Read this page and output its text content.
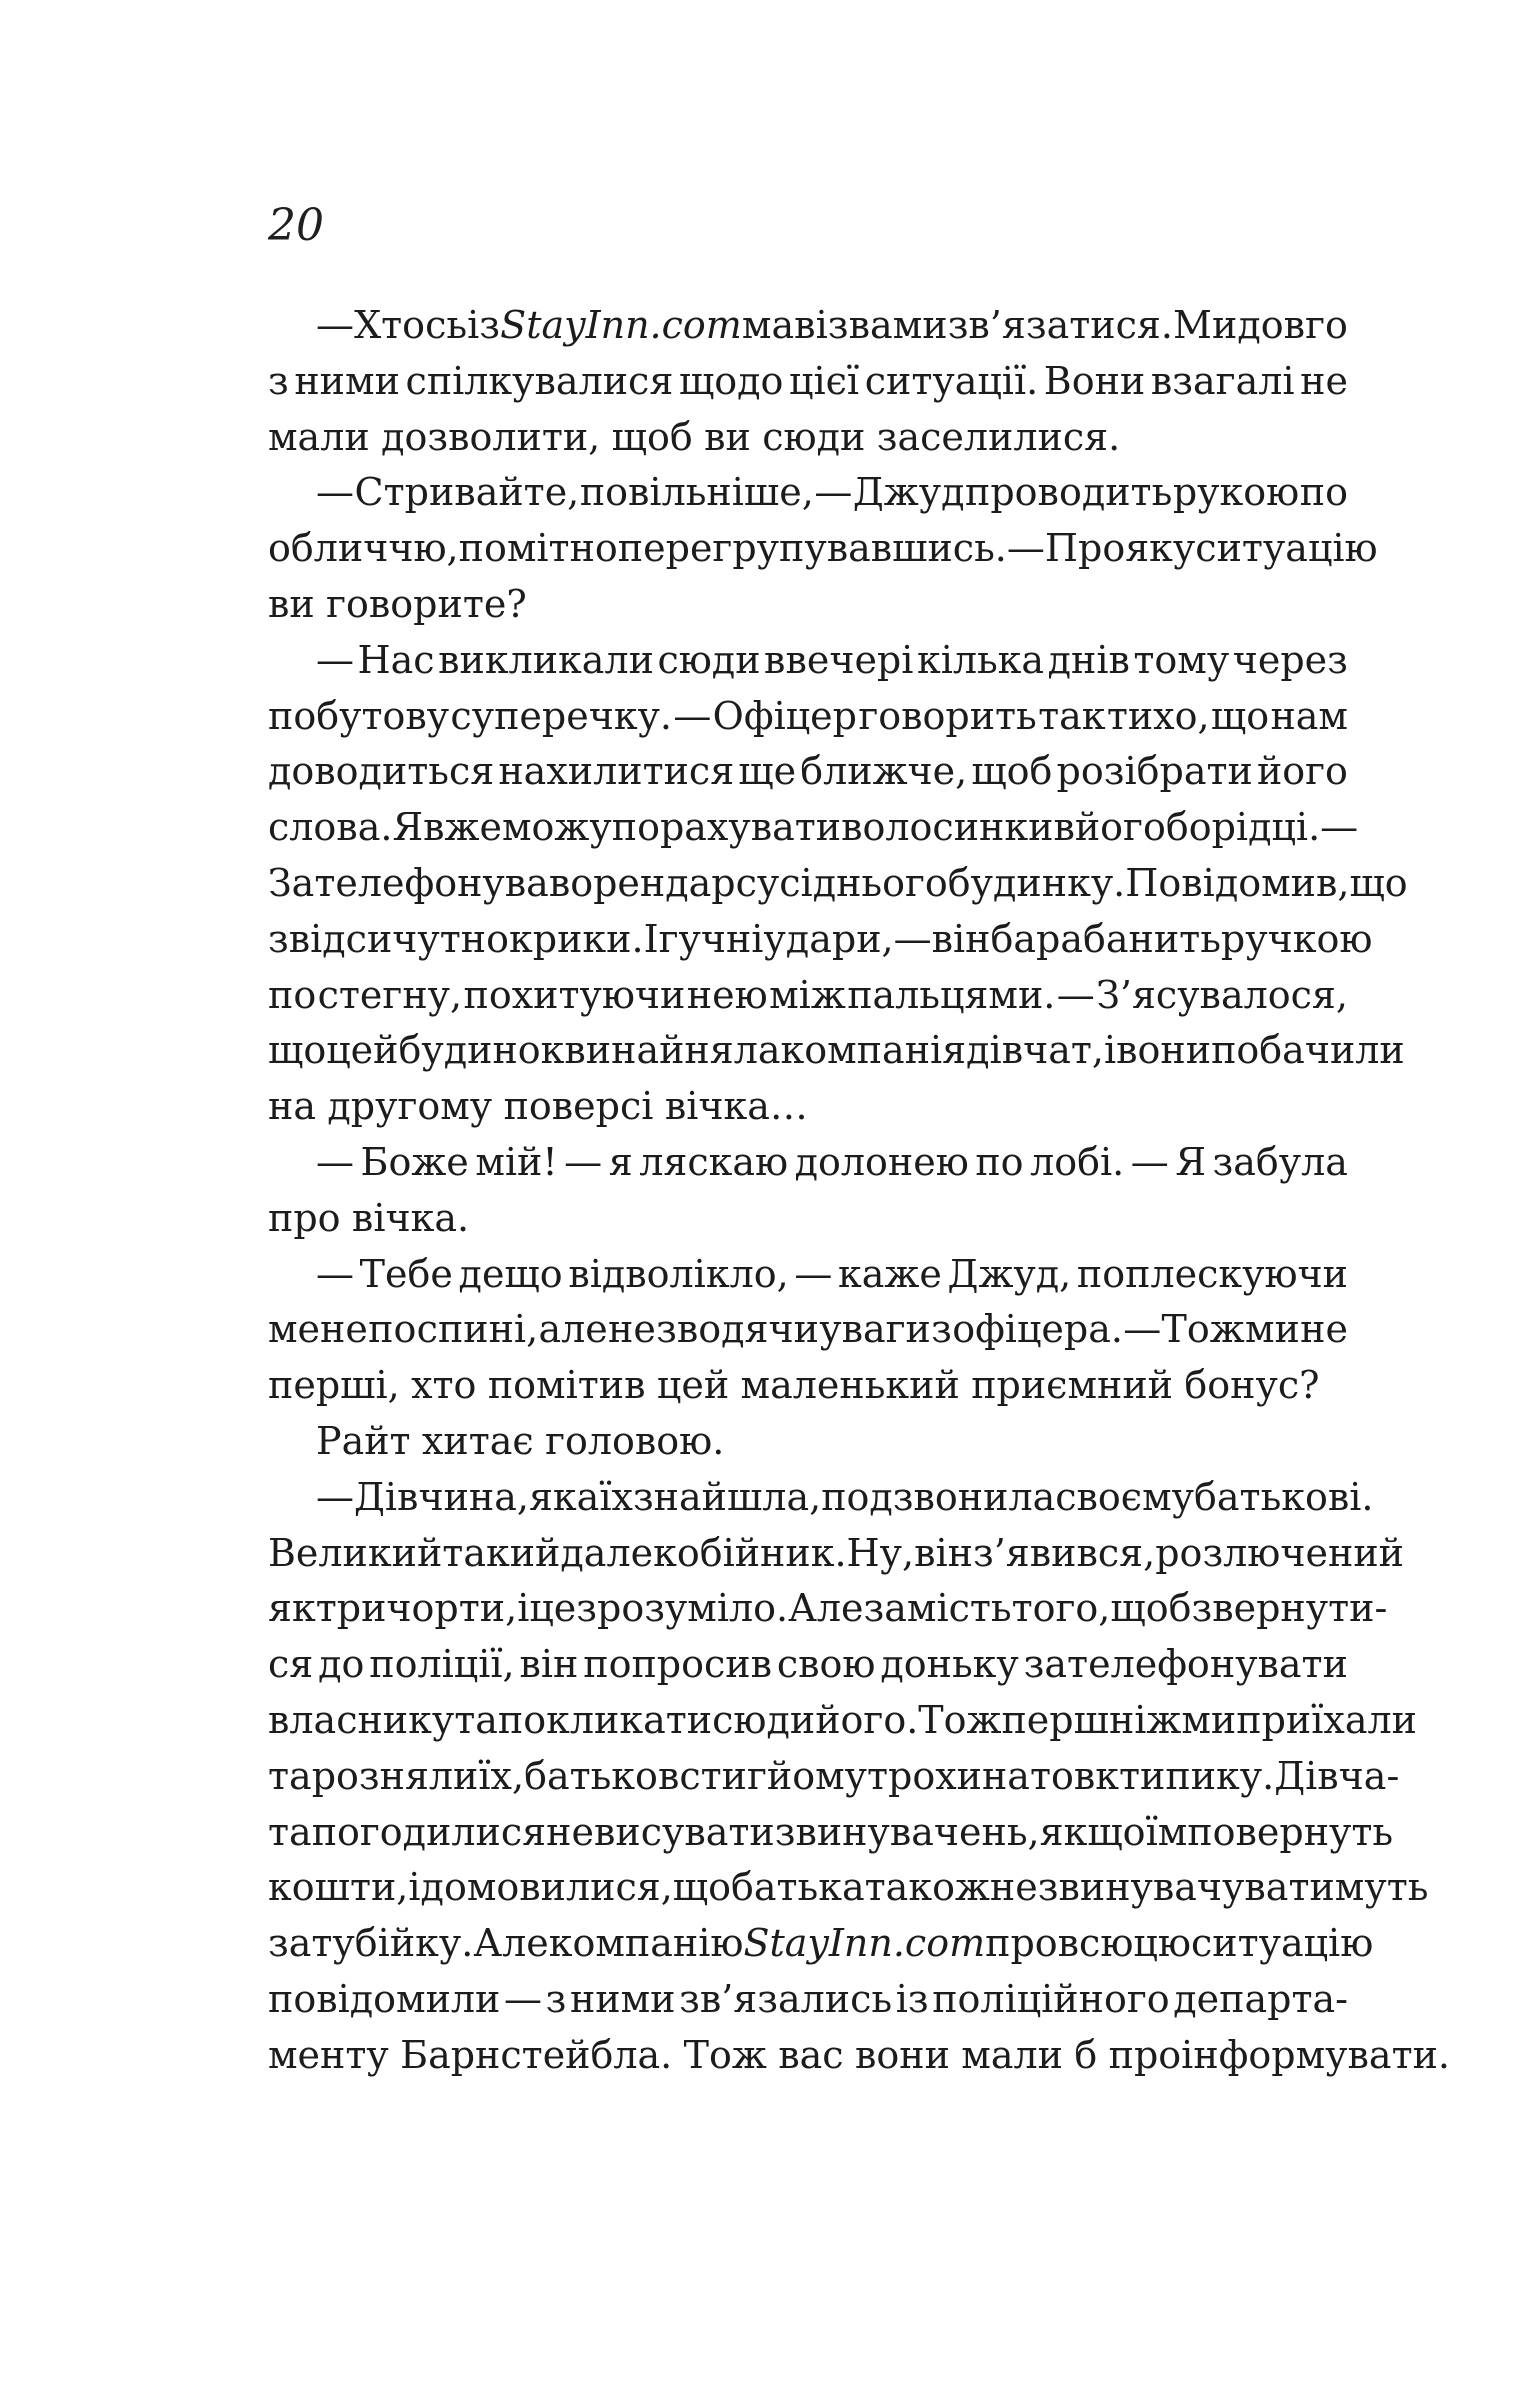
20
— Хтось із StayInn.com мав із вами зв’язатися. Ми довго
з ними спілкувалися щодо цієї ситуації. Вони взагалі не
мали дозволити, щоб ви сюди заселилися.
— Стривайте, повільніше, — Джуд проводить рукою по
обличчю, помітно перегрупувавшись. — Про яку ситуацію
ви говорите?
— Нас викликали сюди ввечері кілька днів тому через
побутову суперечку. — Офіцер говорить так тихо, що нам
доводиться нахилитися ще ближче, щоб розібрати його
слова. Я вже можу порахувати волосинки в його борідці. —
Зателефонував орендар сусіднього будинку. Повідомив, що
звідси чутно крики. І гучні удари, — він барабанить ручкою
по стегну, похитуючи нею між пальцями. — З’ясувалося,
що цей будинок винайняла компанія дівчат, і вони побачили
на другому поверсі вічка…
— Боже мій! — я ляскаю долонею по лобі. — Я забула
про вічка.
— Тебе дещо відволікло, — каже Джуд, поплескуючи
мене по спині, але не зводячи уваги з офіцера. — Тож ми не
перші, хто помітив цей маленький приємний бонус?
Райт хитає головою.
— Дівчина, яка їх знайшла, подзвонила своєму батькові.
Великий такий далекобійник. Ну, він з’явився, розлючений
як три чорти, і це зрозуміло. Але замість того, щоб звернути-
ся до поліції, він попросив свою доньку зателефонувати
власнику та покликати сюди його. Тож перш ніж ми приїхали
та розняли їх, батько встиг йому трохи натовкти пику. Дівча-
та погодилися не висувати звинувачень, якщо їм повернуть
кошти, і домовилися, що батька також не звинувачуватимуть
за ту бійку. Але компанію StayInn.com про всю цю ситуацію
повідомили — з ними зв’язались із поліційного департа-
менту Барнстейбла. Тож вас вони мали б проінформувати.
